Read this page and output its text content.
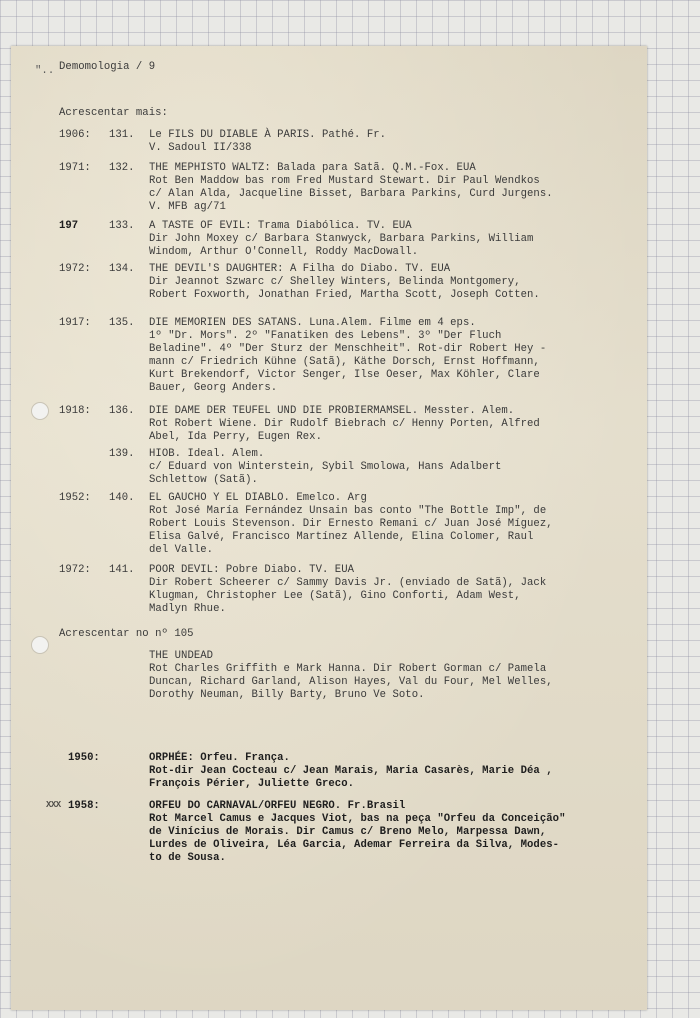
".. Demomologia / 9
Acrescentar mais:
1906: 131. Le FILS DU DIABLE À PARIS. Pathé. Fr.
V. Sadoul II/338
1971: 132. THE MEPHISTO WALTZ: Balada para Satã. Q.M.-Fox. EUA
Rot Ben Maddow bas rom Fred Mustard Stewart. Dir Paul Wendkos
c/ Alan Alda, Jacqueline Bisset, Barbara Parkins, Curd Jurgens.
V. MFB ag/71
197	133. A TASTE OF EVIL: Trama Diabólica. TV. EUA
Dir John Moxey c/ Barbara Stanwyck, Barbara Parkins, William
Windom, Arthur O'Connell, Roddy MacDowall.
1972: 134. THE DEVIL'S DAUGHTER: A Filha do Diabo. TV. EUA
Dir Jeannot Szwarc c/ Shelley Winters, Belinda Montgomery,
Robert Foxworth, Jonathan Fried, Martha Scott, Joseph Cotten.
1917: 135. DIE MEMORIEN DES SATANS. Luna.Alem. Filme em 4 eps.
1º "Dr. Mors". 2º "Fanatiken des Lebens". 3º "Der Fluch
Beladine". 4º "Der Sturz der Menschheit". Rot-dir Robert Hey -
mann c/ Friedrich Kühne (Satã), Käthe Dorsch, Ernst Hoffmann,
Kurt Brekendorf, Victor Senger, Ilse Oeser, Max Köhler, Clare
Bauer, Georg Anders.
1918: 136. DIE DAME DER TEUFEL UND DIE PROBIERMAMSEL. Messter. Alem.
Rot Robert Wiene. Dir Rudolf Biebrach c/ Henny Porten, Alfred
Abel, Ida Perry, Eugen Rex.
139. HIOB. Ideal. Alem.
c/ Eduard von Winterstein, Sybil Smolowa, Hans Adalbert
Schlettow (Satã).
1952: 140. EL GAUCHO Y EL DIABLO. Emelco. Arg
Rot José María Fernández Unsain bas conto "The Bottle Imp", de
Robert Louis Stevenson. Dir Ernesto Remani c/ Juan José Míguez,
Elisa Galvé, Francisco Martínez Allende, Elina Colomer, Raul
del Valle.
1972: 141. POOR DEVIL: Pobre Diabo. TV. EUA
Dir Robert Scheerer c/ Sammy Davis Jr. (enviado de Satã), Jack
Klugman, Christopher Lee (Satã), Gino Conforti, Adam West,
Madlyn Rhue.
Acrescentar no nº 105
THE UNDEAD
Rot Charles Griffith e Mark Hanna. Dir Robert Gorman c/ Pamela
Duncan, Richard Garland, Alison Hayes, Val du Four, Mel Welles,
Dorothy Neuman, Billy Barty, Bruno Ve Soto.
1950:	ORPHÉE: Orfeu. França.
Rot-dir Jean Cocteau c/ Jean Marais, Maria Casarès, Marie Déa ,
François Périer, Juliette Greco.
XXX 1958:	ORFEU DO CARNAVAL/ORFEU NEGRO. Fr.Brasil
Rot Marcel Camus e Jacques Viot, bas na peça "Orfeu da Conceição"
de Vinícius de Morais. Dir Camus c/ Breno Melo, Marpessa Dawn,
Lurdes de Oliveira, Léa Garcia, Ademar Ferreira da Silva, Modes-
to de Sousa.
